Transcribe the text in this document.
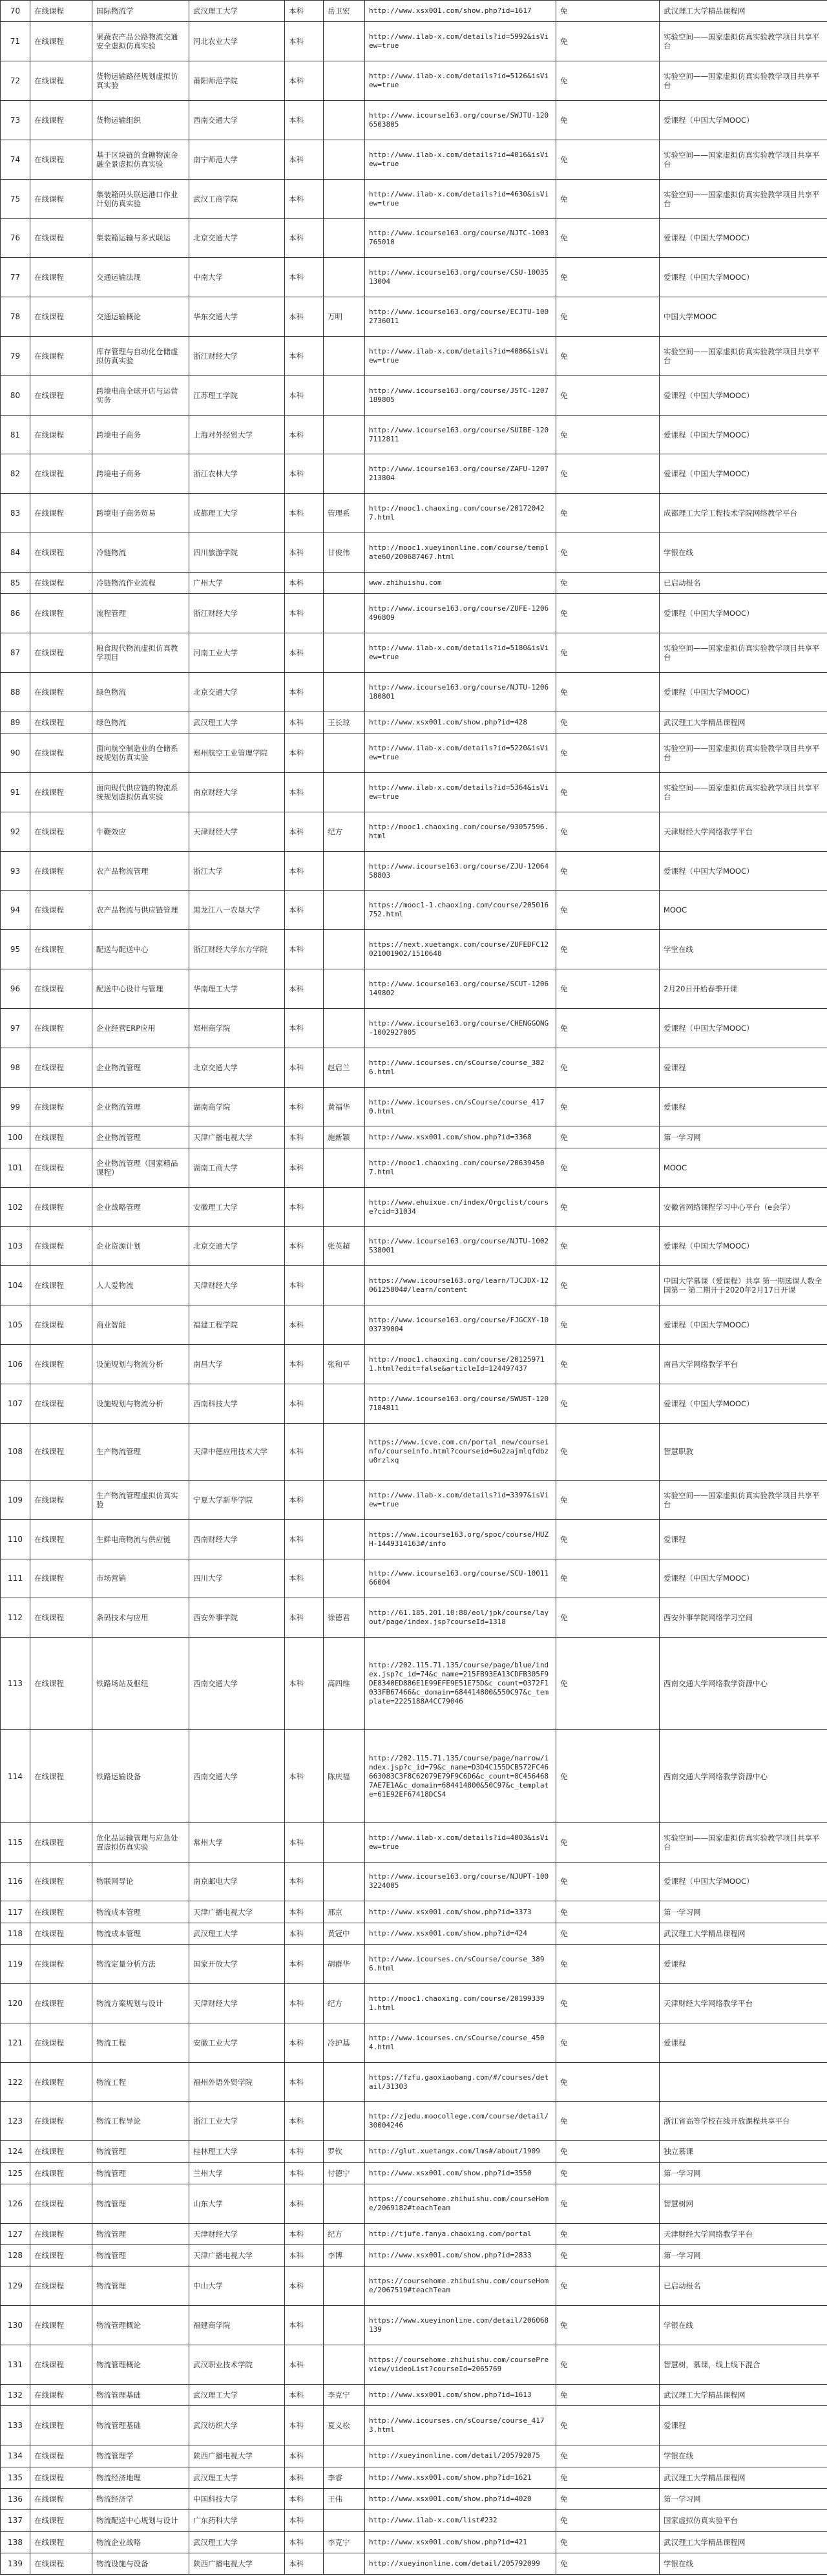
70	在线课程	国际物流学	武汉理工大学	本科	岳卫宏	http://www.xsx001.com/show.php?id=1617	免	武汉理工大学精品课程网
71	在线课程	果蔬农产品公路物流交通安全虚拟仿真实验	河北农业大学	本科		http://www.ilab-x.com/details?id=5992&isView=true	免	实验空间——国家虚拟仿真实验教学项目共享平台
72	在线课程	货物运输路径规划虚拟仿真实验	莆阳师范学院	本科		http://www.ilab-x.com/details?id=5126&isView=true	免	实验空间——国家虚拟仿真实验教学项目共享平台
73	在线课程	货物运输组织	西南交通大学	本科		http://www.icourse163.org/course/SWJTU-1206503805	免	爱课程（中国大学MOOC）
74	在线课程	基于区块链的食糖物流金融全景虚拟仿真实验	南宁师范大学	本科		http://www.ilab-x.com/details?id=4016&isView=true	免	实验空间——国家虚拟仿真实验教学项目共享平台
75	在线课程	集装箱码头联运港口作业计划仿真实验	武汉工商学院	本科		http://www.ilab-x.com/details?id=4630&isView=true	免	实验空间——国家虚拟仿真实验教学项目共享平台
76	在线课程	集装箱运输与多式联运	北京交通大学	本科		http://www.icourse163.org/course/NJTC-1003765010	免	爱课程（中国大学MOOC）
77	在线课程	交通运输法规	中南大学	本科		http://www.icourse163.org/course/CSU-1003513004	免	爱课程（中国大学MOOC）
78	在线课程	交通运输概论	华东交通大学	本科	万明	http://www.icourse163.org/course/ECJTU-1002736011	免	中国大学MOOC
79	在线课程	库存管理与自动化仓储虚拟仿真实验	浙江财经大学	本科		http://www.ilab-x.com/details?id=4086&isView=true	免	实验空间——国家虚拟仿真实验教学项目共享平台
80	在线课程	跨境电商全球开店与运营实务	江苏理工学院	本科		http://www.icourse163.org/course/JSTC-1207189805	免	爱课程（中国大学MOOC）
81	在线课程	跨境电子商务	上海对外经贸大学	本科		http://www.icourse163.org/course/SUIBE-1207112811	免	爱课程（中国大学MOOC）
82	在线课程	跨境电子商务	浙江农林大学	本科		http://www.icourse163.org/course/ZAFU-1207213804	免	爱课程（中国大学MOOC）
83	在线课程	跨境电子商务贸易	成都理工大学	本科	管理系	http://mooc1.chaoxing.com/course/201720427.html	免	成都理工大学工程技术学院网络教学平台
84	在线课程	冷链物流	四川旅游学院	本科	甘俊伟	http://mooc1.xueyinonline.com/course/template60/200687467.html	免	学银在线
85	在线课程	冷链物流作业流程	广州大学	本科		www.zhihuishu.com	免	已启动报名
86	在线课程	流程管理	浙江财经大学	本科		http://www.icourse163.org/course/ZUFE-1206496809	免	爱课程（中国大学MOOC）
87	在线课程	粮食现代物流虚拟仿真教学项目	河南工业大学	本科		http://www.ilab-x.com/details?id=5180&isView=true	免	实验空间——国家虚拟仿真实验教学项目共享平台
88	在线课程	绿色物流	北京交通大学	本科		http://www.icourse163.org/course/NJTU-1206180801	免	爱课程（中国大学MOOC）
89	在线课程	绿色物流	武汉理工大学	本科	王长琼	http://www.xsx001.com/show.php?id=428	免	武汉理工大学精品课程网
90	在线课程	面向航空制造业的仓储系统规划仿真实验	郑州航空工业管理学院	本科		http://www.ilab-x.com/details?id=5220&isView=true	免	实验空间——国家虚拟仿真实验教学项目共享平台
91	在线课程	面向现代供应链的物流系统规划虚拟仿真实验	南京财经大学	本科		http://www.ilab-x.com/details?id=5364&isView=true	免	实验空间——国家虚拟仿真实验教学项目共享平台
92	在线课程	牛鞭效应	天津财经大学	本科	纪方	http://mooc1.chaoxing.com/course/93057596.html	免	天津财经大学网络教学平台
93	在线课程	农产品物流管理	浙江大学	本科		http://www.icourse163.org/course/ZJU-1206458803	免	爱课程（中国大学MOOC）
94	在线课程	农产品物流与供应链管理	黑龙江八一农垦大学	本科		https://mooc1-1.chaoxing.com/course/205016752.html	免	MOOC
95	在线课程	配送与配送中心	浙江财经大学东方学院	本科		https://next.xuetangx.com/course/ZUFEDFC12021001902/1510648	免	学堂在线
96	在线课程	配送中心设计与管理	华南理工大学	本科		http://www.icourse163.org/course/SCUT-1206149802	免	2月20日开始春季开课
97	在线课程	企业经营ERP应用	郑州商学院	本科		http://www.icourse163.org/course/CHENGGONG-1002927005	免	爱课程（中国大学MOOC）
98	在线课程	企业物流管理	北京交通大学	本科	赵启兰	http://www.icourses.cn/sCourse/course_3826.html	免	爱课程
99	在线课程	企业物流管理	湖南商学院	本科	黄福华	http://www.icourses.cn/sCourse/course_4170.html	免	爱课程
100	在线课程	企业物流管理	天津广播电视大学	本科	施新颖	http://www.xsx001.com/show.php?id=3368	免	第一学习网
101	在线课程	企业物流管理（国家精品课程）	湖南工商大学	本科		http://mooc1.chaoxing.com/course/206394507.html	免	MOOC
102	在线课程	企业战略管理	安徽理工大学	本科		http://www.ehuixue.cn/index/Orgclist/course?cid=31034	免	安徽省网络课程学习中心平台（e会学）
103	在线课程	企业资源计划	北京交通大学	本科	张英超	http://www.icourse163.org/course/NJTU-1002538001	免	爱课程（中国大学MOOC）
104	在线课程	人人爱物流	天津财经大学	本科		https://www.icourse163.org/learn/TJCJDX-1206125804#/learn/content	免	中国大学慕课（爱课程）共享 第一期选课人数全国第一 第二期开于2020年2月17日开课
105	在线课程	商业智能	福建工程学院	本科		http://www.icourse163.org/course/FJGCXY-1003739004	免	爱课程（中国大学MOOC）
106	在线课程	设施规划与物流分析	南昌大学	本科	张和平	http://mooc1.chaoxing.com/course/201259711.html?edit=false&articleId=124497437	免	南昌大学网络教学平台
107	在线课程	设施规划与物流分析	西南科技大学	本科		http://www.icourse163.org/course/SWUST-1207184811	免	爱课程（中国大学MOOC）
108	在线课程	生产物流管理	天津中德应用技术大学	本科		https://www.icve.com.cn/portal_new/courseinfo/courseinfo.html?courseid=6u2zajmlqfdbzu0rzlxq	免	智慧职教
109	在线课程	生产物流管理虚拟仿真实验	宁夏大学新华学院	本科		http://www.ilab-x.com/details?id=3397&isView=true	免	实验空间——国家虚拟仿真实验教学项目共享平台
110	在线课程	生鲜电商物流与供应链	西南财经大学	本科		https://www.icourse163.org/spoc/course/HUZH-1449314163#/info	免	爱课程
111	在线课程	市场营销	四川大学	本科		http://www.icourse163.org/course/SCU-1001166004	免	爱课程（中国大学MOOC）
112	在线课程	条码技术与应用	西安外事学院	本科	徐德君	http://61.185.201.10:88/eol/jpk/course/layout/page/index.jsp?courseId=1318	免	西安外事学院网络学习空间
113	在线课程	铁路场站及枢纽	西南交通大学	本科	高四维	http://202.115.71.135/course/page/blue/index.jsp?c_id=74&c_name=215FB93EA13CDFB305F9DE8340ED886E1E99EFE9E51E75D&c_count=0372F1033FB67466&c_domain=684414800&550C97&c_template=2225188A4CC79046	免	西南交通大学网络教学资源中心
114	在线课程	铁路运输设备	西南交通大学	本科	陈庆福	http://202.115.71.135/course/page/narrow/index.jsp?c_id=79&c_name=D3D4C155DCB572FC46663083C3F8C62079E79F9C6D6&c_count=8C4564687AE7E1A&c_domain=684414800&50C97&c_template=61E92EF67418DCS4	免	西南交通大学网络教学资源中心
115	在线课程	危化品运输管理与应急处置虚拟仿真实验	常州大学	本科		http://www.ilab-x.com/details?id=4003&isView=true	免	实验空间——国家虚拟仿真实验教学项目共享平台
116	在线课程	物联网导论	南京邮电大学	本科		http://www.icourse163.org/course/NJUPT-1003224005	免	爱课程（中国大学MOOC）
117	在线课程	物流成本管理	天津广播电视大学	本科	邢京	http://www.xsx001.com/show.php?id=3373	免	第一学习网
118	在线课程	物流成本管理	武汉理工大学	本科	黄冠中	http://www.xsx001.com/show.php?id=424	免	武汉理工大学精品课程网
119	在线课程	物流定量分析方法	国家开放大学	本科	胡群华	http://www.icourses.cn/sCourse/course_3896.html	免	爱课程
120	在线课程	物流方案规划与设计	天津财经大学	本科	纪方	http://mooc1.chaoxing.com/course/201993391.html	免	天津财经大学网络教学平台
121	在线课程	物流工程	安徽工业大学	本科	冷护基	http://www.icourses.cn/sCourse/course_4504.html	免	爱课程
122	在线课程	物流工程	福州外语外贸学院	本科		https://fzfu.gaoxiaobang.com/#/courses/detail/31303	免	
123	在线课程	物流工程导论	浙江工业大学	本科		http://zjedu.moocollege.com/course/detail/30004246	免	浙江省高等学校在线开放课程共享平台
124	在线课程	物流管理	桂林理工大学	本科	罗钦	http://glut.xuetangx.com/lms#/about/1909	免	独立慕课
125	在线课程	物流管理	兰州大学	本科	付德宁	http://www.xsx001.com/show.php?id=3550	免	第一学习网
126	在线课程	物流管理	山东大学	本科		https://coursehome.zhihuishu.com/courseHome/2069182#teachTeam	免	智慧树网
127	在线课程	物流管理	天津财经大学	本科	纪方	http://tjufe.fanya.chaoxing.com/portal	免	天津财经大学网络教学平台
128	在线课程	物流管理	天津广播电视大学	本科	李博	http://www.xsx001.com/show.php?id=2833	免	第一学习网
129	在线课程	物流管理	中山大学	本科		https://coursehome.zhihuishu.com/courseHome/2067519#teachTeam	免	已启动报名
130	在线课程	物流管理概论	福建商学院	本科		https://www.xueyinonline.com/detail/206068139	免	学银在线
131	在线课程	物流管理概论	武汉职业技术学院	本科		https://coursehome.zhihuishu.com/coursePreview/videoList?courseId=2065769	免	智慧树，慕课，线上线下混合
132	在线课程	物流管理基础	武汉理工大学	本科	李克宁	http://www.xsx001.com/show.php?id=1613	免	武汉理工大学精品课程网
133	在线课程	物流管理基础	武汉纺织大学	本科	夏义松	http://www.icourses.cn/sCourse/course_4173.html	免	爱课程
134	在线课程	物流管理学	陕西广播电视大学	本科		http://xueyinonline.com/detail/205792075	免	学银在线
135	在线课程	物流经济地理	武汉理工大学	本科	李睿	http://www.xsx001.com/show.php?id=1621	免	武汉理工大学精品课程网
136	在线课程	物流经济学	中国科技大学	本科	王伟	http://www.xsx001.com/show.php?id=4020	免	第一学习网
137	在线课程	物流配送中心规划与设计	广东药科大学	本科		http://www.ilab-x.com/list#232	免	国家虚拟仿真实验平台
138	在线课程	物流企业战略	武汉理工大学	本科	李克宁	http://www.xsx001.com/show.php?id=421	免	武汉理工大学精品课程网
139	在线课程	物流设施与设备	陕西广播电视大学	本科		http://xueyinonline.com/detail/205792099	免	学银在线
